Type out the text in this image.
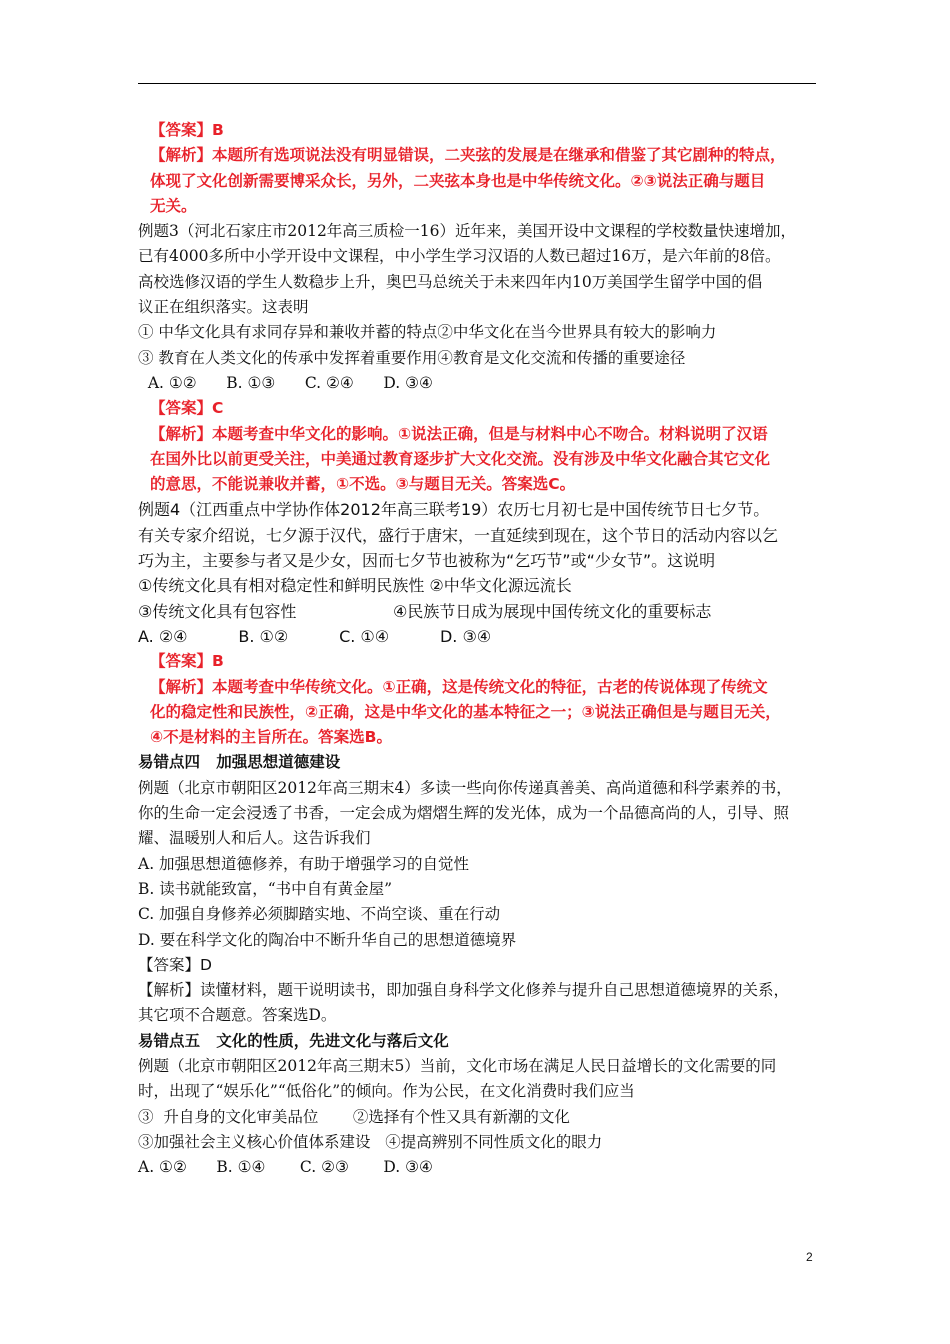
【答案】B
【解析】本题所有选项说法没有明显错误，二夹弦的发展是在继承和借鉴了其它剧种的特点，
体现了文化创新需要博采众长，另外，二夹弦本身也是中华传统文化。②③说法正确与题目
无关。
例题3（河北石家庄市2012年高三质检一16）近年来，美国开设中文课程的学校数量快速增加，
已有4000多所中小学开设中文课程，中小学生学习汉语的人数已超过16万，是六年前的8倍。
高校选修汉语的学生人数稳步上升，奥巴马总统关于未来四年内10万美国学生留学中国的倡
议正在组织落实。这表明
① 中华文化具有求同存异和兼收并蓄的特点②中华文化在当今世界具有较大的影响力
③ 教育在人类文化的传承中发挥着重要作用④教育是文化交流和传播的重要途径
A. ①②      B. ①③      C. ②④      D. ③④
【答案】C
【解析】本题考查中华文化的影响。①说法正确，但是与材料中心不吻合。材料说明了汉语
在国外比以前更受关注，中美通过教育逐步扩大文化交流。没有涉及中华文化融合其它文化
的意思，不能说兼收并蓄，①不选。③与题目无关。答案选C。
例题4（江西重点中学协作体2012年高三联考19）农历七月初七是中国传统节日七夕节。
有关专家介绍说，七夕源于汉代，盛行于唐宋，一直延续到现在，这个节日的活动内容以乞
巧为主，主要参与者又是少女，因而七夕节也被称为“乞巧节”或“少女节”。这说明
①传统文化具有相对稳定性和鲜明民族性 ②中华文化源远流长
③传统文化具有包容性                   ④民族节日成为展现中国传统文化的重要标志
A. ②④          B. ①②          C. ①④          D. ③④
【答案】B
【解析】本题考查中华传统文化。①正确，这是传统文化的特征，古老的传说体现了传统文
化的稳定性和民族性，②正确，这是中华文化的基本特征之一；③说法正确但是与题目无关，
④不是材料的主旨所在。答案选B。
易错点四   加强思想道德建设
例题（北京市朝阳区2012年高三期末4）多读一些向你传递真善美、高尚道德和科学素养的书，
你的生命一定会浸透了书香，一定会成为熠熠生辉的发光体，成为一个品德高尚的人，引导、照
耀、温暖别人和后人。这告诉我们
A. 加强思想道德修养，有助于增强学习的自觉性
B. 读书就能致富，“书中自有黄金屋”
C. 加强自身修养必须脚踏实地、不尚空谈、重在行动
D. 要在科学文化的陶冶中不断升华自己的思想道德境界
【答案】D
【解析】读懂材料，题干说明读书，即加强自身科学文化修养与提升自己思想道德境界的关系，
其它项不合题意。答案选D。
易错点五   文化的性质，先进文化与落后文化
例题（北京市朝阳区2012年高三期末5）当前，文化市场在满足人民日益增长的文化需要的同
时，出现了“娱乐化”“低俗化”的倾向。作为公民，在文化消费时我们应当
③  升自身的文化审美品位       ②选择有个性又具有新潮的文化
③加强社会主义核心价值体系建设   ④提高辨别不同性质文化的眼力
A. ①②      B. ①④       C. ②③       D. ③④
2
